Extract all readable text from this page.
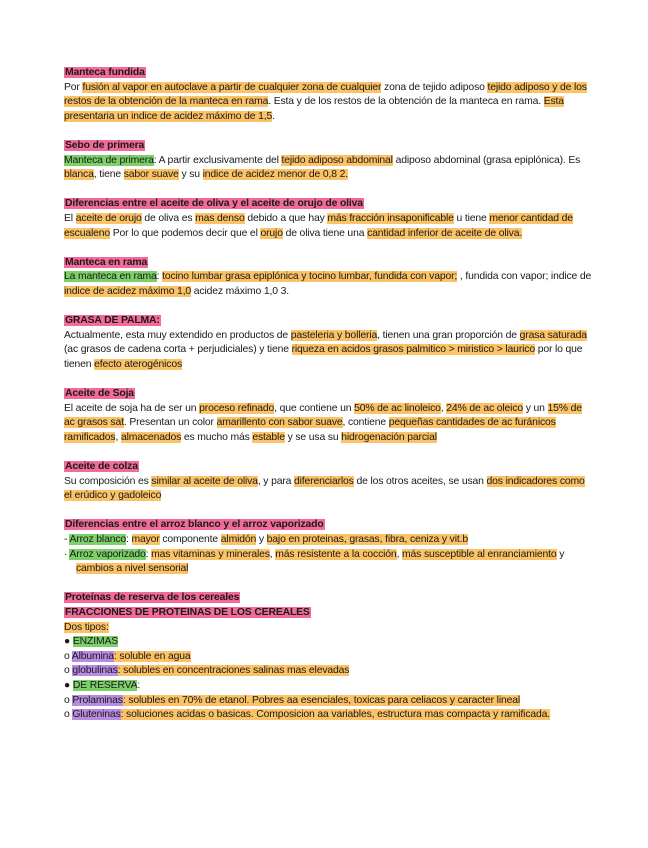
Manteca fundida

Por fusión al vapor en autoclave a partir de cualquier zona de cualquier zona de tejido adiposo tejido adiposo y de los restos de la obtención de la manteca en rama. Esta y de los restos de la obtención de la manteca en rama. Esta presentaria un indice de acidez máximo de 1,5.

Sebo de primera

Manteca de primera: A partir exclusivamente del tejido adiposo abdominal adiposo abdominal (grasa epiplónica). Es blanca, tiene sabor suave y su indice de acidez menor de 0,8 2.

Diferencias entre el aceite de oliva y el aceite de orujo de oliva

El aceite de orujo de oliva es mas denso debido a que hay más fracción insaponificable u tiene menor cantidad de escualeno Por lo que podemos decir que el orujo de oliva tiene una cantidad inferior de aceite de oliva.

Manteca en rama

La manteca en rama: tocino lumbar grasa epiplónica y tocino lumbar, fundida con vapor; , fundida con vapor; indice de indice de acidez máximo 1,0 acidez máximo 1,0 3.

GRASA DE PALMA:

Actualmente, esta muy extendido en productos de pasteleria y bolleria, tienen una gran proporción de grasa saturada (ac grasos de cadena corta + perjudiciales) y tiene riqueza en acidos grasos palmitico > miristico > laurico por lo que tienen efecto aterogénicos

Aceite de Soja

El aceite de soja ha de ser un proceso refinado, que contiene un 50% de ac linoleico, 24% de ac oleico y un 15% de ac grasos sat. Presentan un color amarillento con sabor suave, contiene pequeñas cantidades de ac furánicos ramificados, almacenados es mucho más estable y se usa su hidrogenación parcial

Aceite de colza

Su composición es similar al aceite de oliva, y para diferenciarlos de los otros aceites, se usan dos indicadores como el erúdico y gadoleico

Diferencias entre el arroz blanco y el arroz vaporizado
- Arroz blanco: mayor componente almidón y bajo en proteinas, grasas, fibra, ceniza y vit.b
· Arroz vaporizado: mas vitaminas y minerales, más resistente a la cocción, más susceptible al enranciamiento y cambios a nivel sensorial
Proteínas de reserva de los cereales
FRACCIONES DE PROTEINAS DE LOS CEREALES
Dos tipos:
● ENZIMAS
o Albumina: soluble en agua
o globulinas: solubles en concentraciones salinas mas elevadas
● DE RESERVA:
o Prolaminas: solubles en 70% de etanol. Pobres aa esenciales, toxicas para celiacos y caracter lineal
o Gluteninas: soluciones acidas o basicas. Composicion aa variables, estructura mas compacta y ramificada.
